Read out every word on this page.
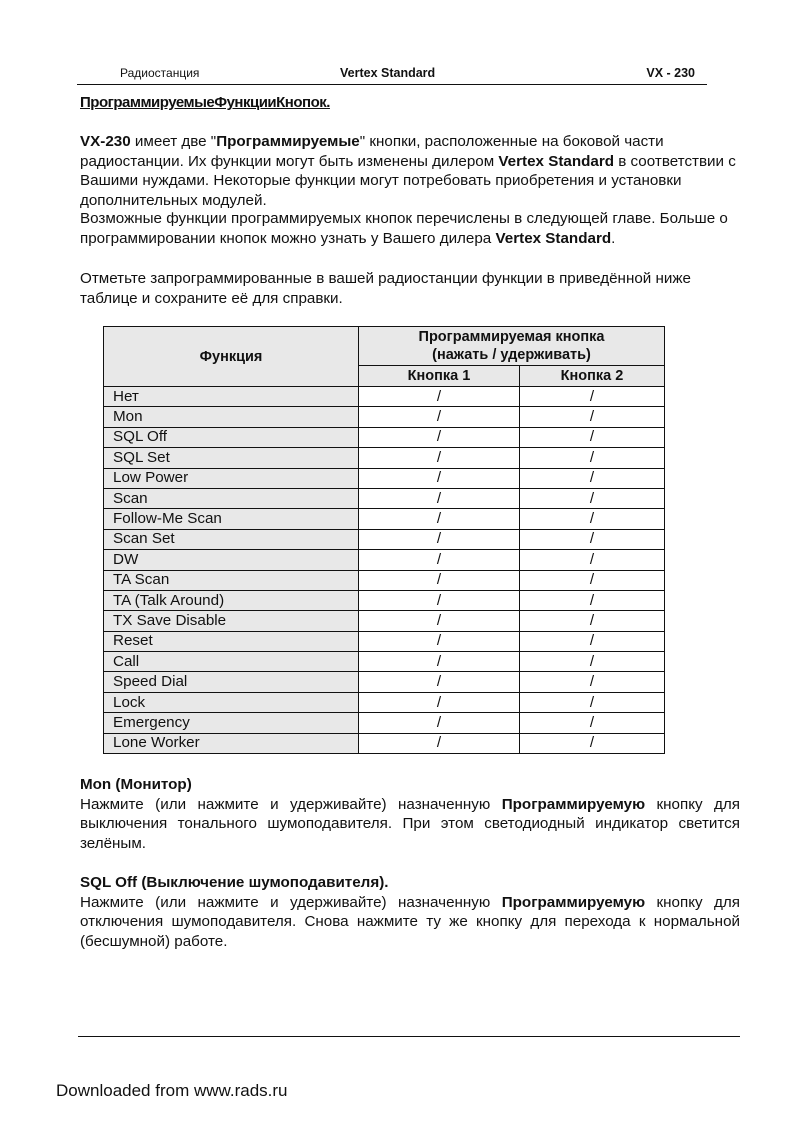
Радиостанция	Vertex Standard	VX - 230
ПрограммируемыеФункцииКнопок.
VX-230 имеет две "Программируемые" кнопки, расположенные на боковой части радиостанции. Их функции могут быть изменены дилером Vertex Standard в соответствии с Вашими нуждами. Некоторые функции могут потребовать приобретения и установки дополнительных модулей.
Возможные функции программируемых кнопок перечислены в следующей главе. Больше о программировании кнопок можно узнать у Вашего дилера Vertex Standard.
Отметьте запрограммированные в вашей радиостанции функции в приведённой ниже таблице и сохраните её для справки.
Функция	Программируемая кнопка
(нажать / удерживать)	
	Кнопка 1	Кнопка 2
Нет	/	/
Mon	/	/
SQL Off	/	/
SQL Set	/	/
Low Power	/	/
Scan	/	/
Follow-Me Scan	/	/
Scan Set	/	/
DW	/	/
TA Scan	/	/
TA (Talk Around)	/	/
TX Save Disable	/	/
Reset	/	/
Call	/	/
Speed Dial	/	/
Lock	/	/
Emergency	/	/
Lone Worker	/	/
Mon (Монитор)
Нажмите (или нажмите и удерживайте) назначенную Программируемую кнопку для выключения тонального шумоподавителя. При этом светодиодный индикатор светится зелёным.
SQL Off (Выключение шумоподавителя).
Нажмите (или нажмите и удерживайте) назначенную Программируемую кнопку для отключения шумоподавителя. Снова нажмите ту же кнопку для перехода к нормальной (бесшумной) работе.
Downloaded from www.rads.ru
